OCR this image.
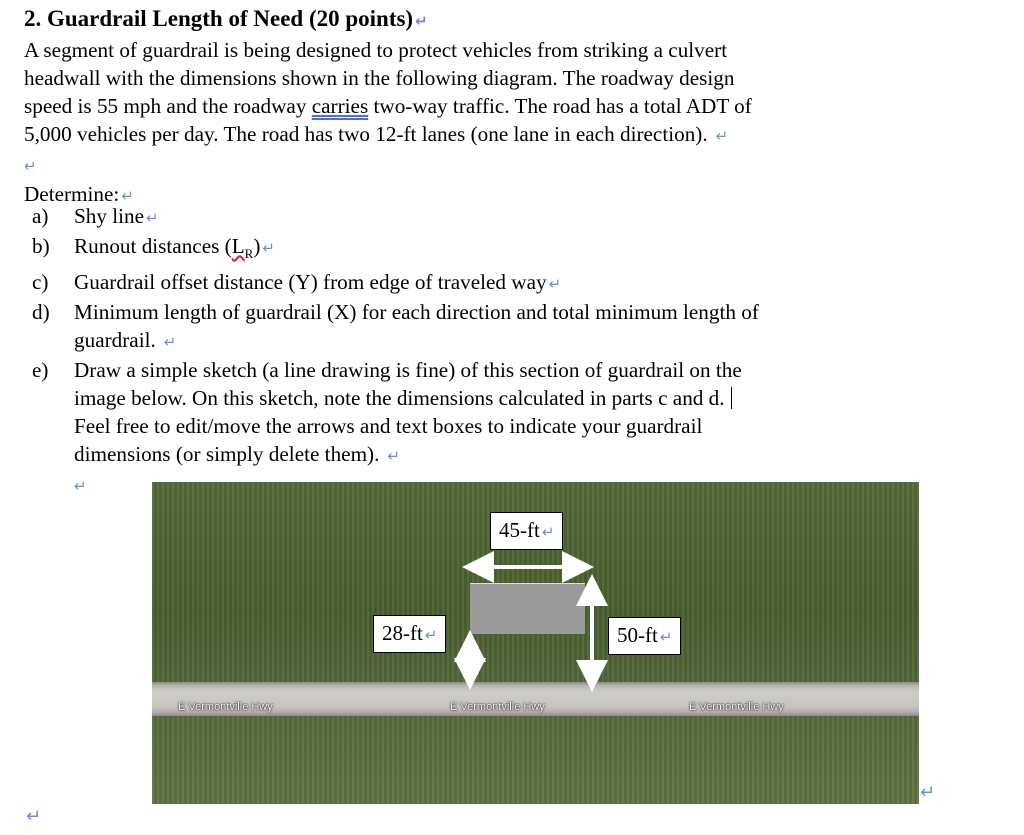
2. Guardrail Length of Need (20 points) ↵
A segment of guardrail is being designed to protect vehicles from striking a culvert
headwall with the dimensions shown in the following diagram. The roadway design
speed is 55 mph and the roadway carries two-way traffic. The road has a total ADT of
5,000 vehicles per day. The road has two 12-ft lanes (one lane in each direction). ↵
↵
Determine: ↵
a) Shy line ↵
b) Runout distances $(L_R)$ ↵
c) Guardrail offset distance (Y) from edge of traveled way ↵
d) Minimum length of guardrail (X) for each direction and total minimum length of
guardrail. ↵
e) Draw a simple sketch (a line drawing is fine) of this section of guardrail on the
image below. On this sketch, note the dimensions calculated in parts c and d.
Feel free to edit/move the arrows and text boxes to indicate your guardrail
dimensions (or simply delete them). ↵
↵
E Vermontville Hwy	E Vermontville Hwy	E Vermontville Hwy
45-ft ↵
28-ft ↵	50-ft ↵
↵
↵
